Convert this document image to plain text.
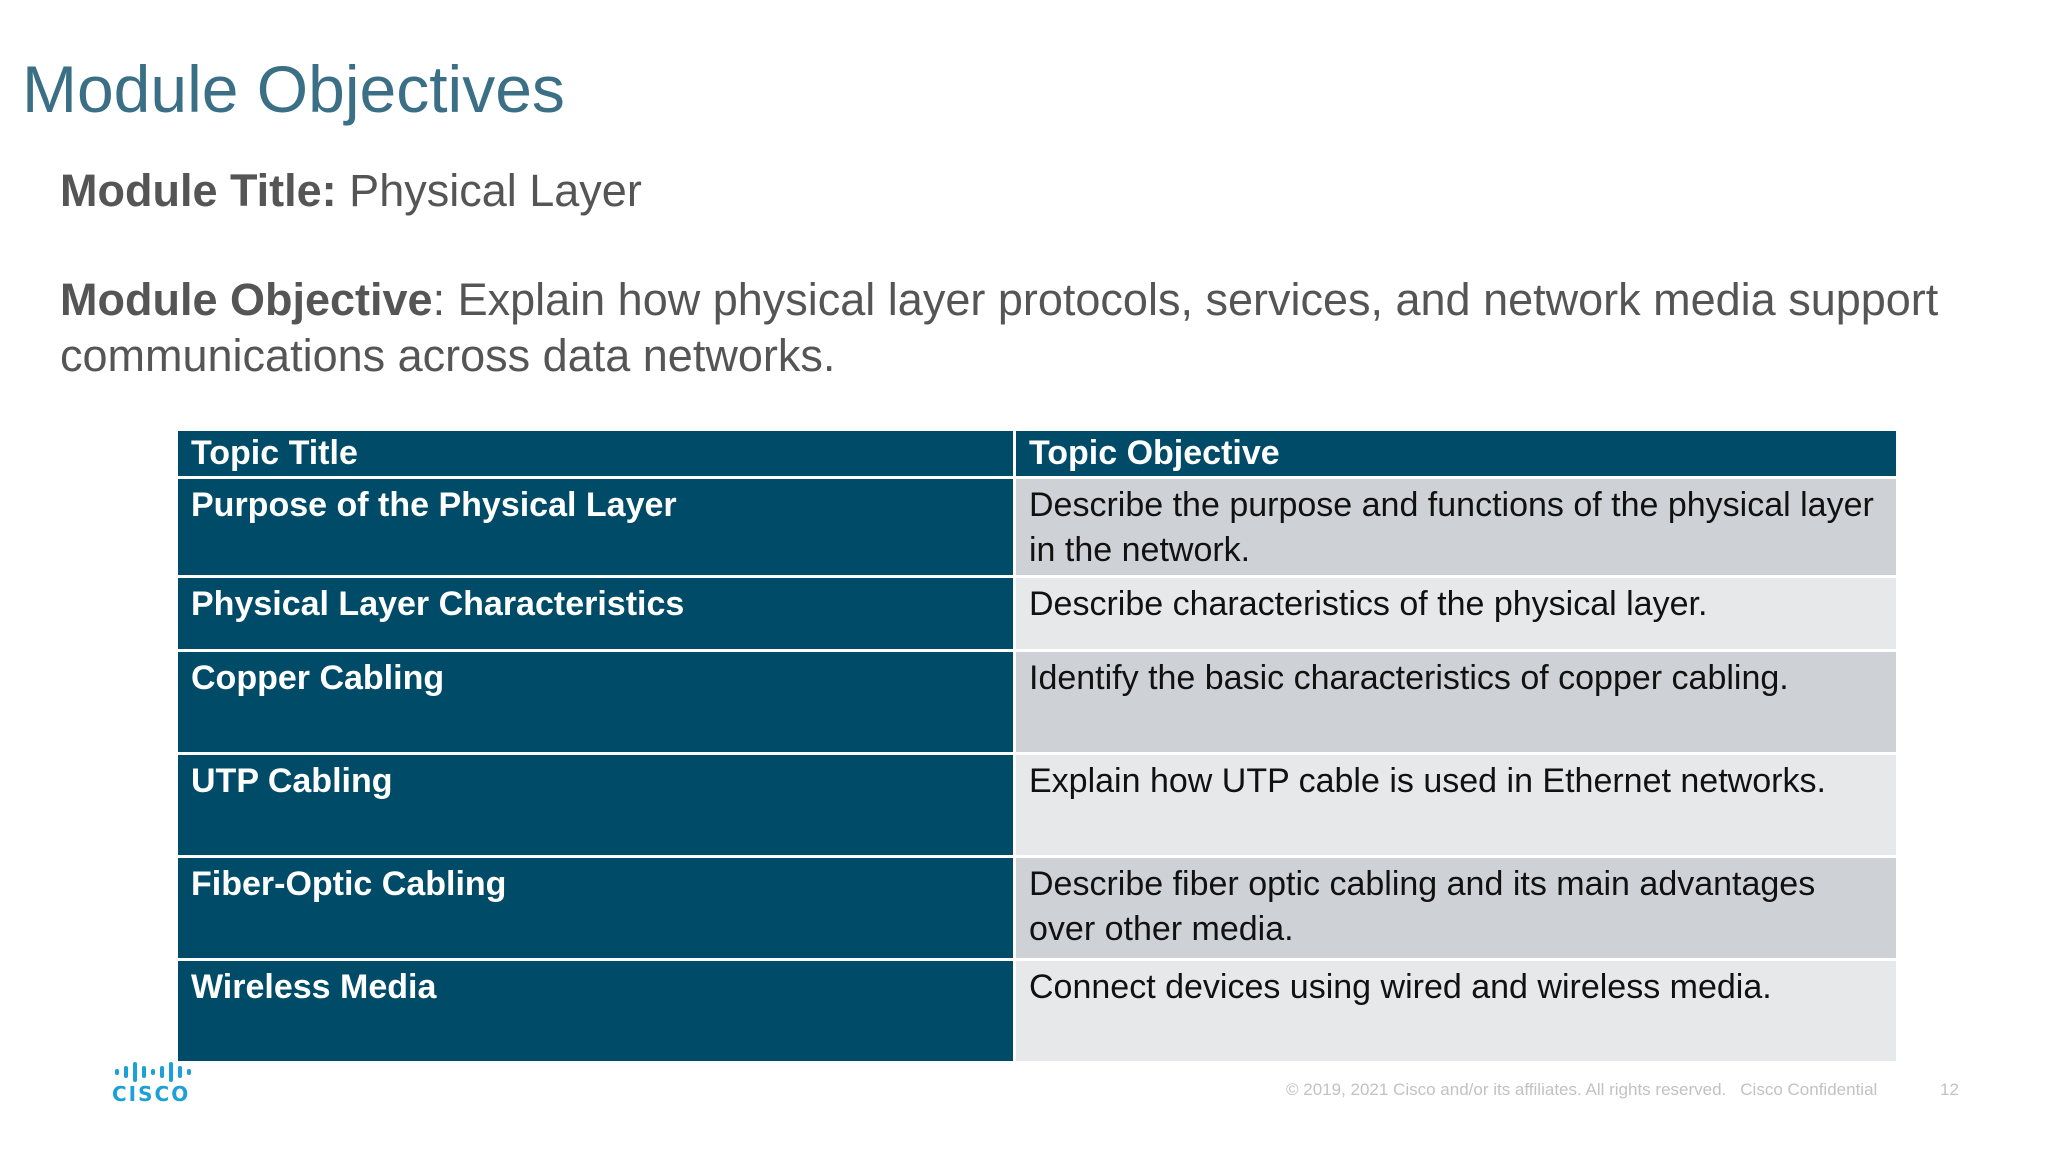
Module Objectives
Module Title: Physical Layer
Module Objective: Explain how physical layer protocols, services, and network media support communications across data networks.
Topic Title	Topic Objective
Purpose of the Physical Layer	Describe the purpose and functions of the physical layer in the network.
Physical Layer Characteristics	Describe characteristics of the physical layer.
Copper Cabling	Identify the basic characteristics of copper cabling.
UTP Cabling	Explain how UTP cable is used in Ethernet networks.
Fiber-Optic Cabling	Describe fiber optic cabling and its main advantages over other media.
Wireless Media	Connect devices using wired and wireless media.
CISCO	© 2019, 2021 Cisco and/or its affiliates. All rights reserved. Cisco Confidential	12
